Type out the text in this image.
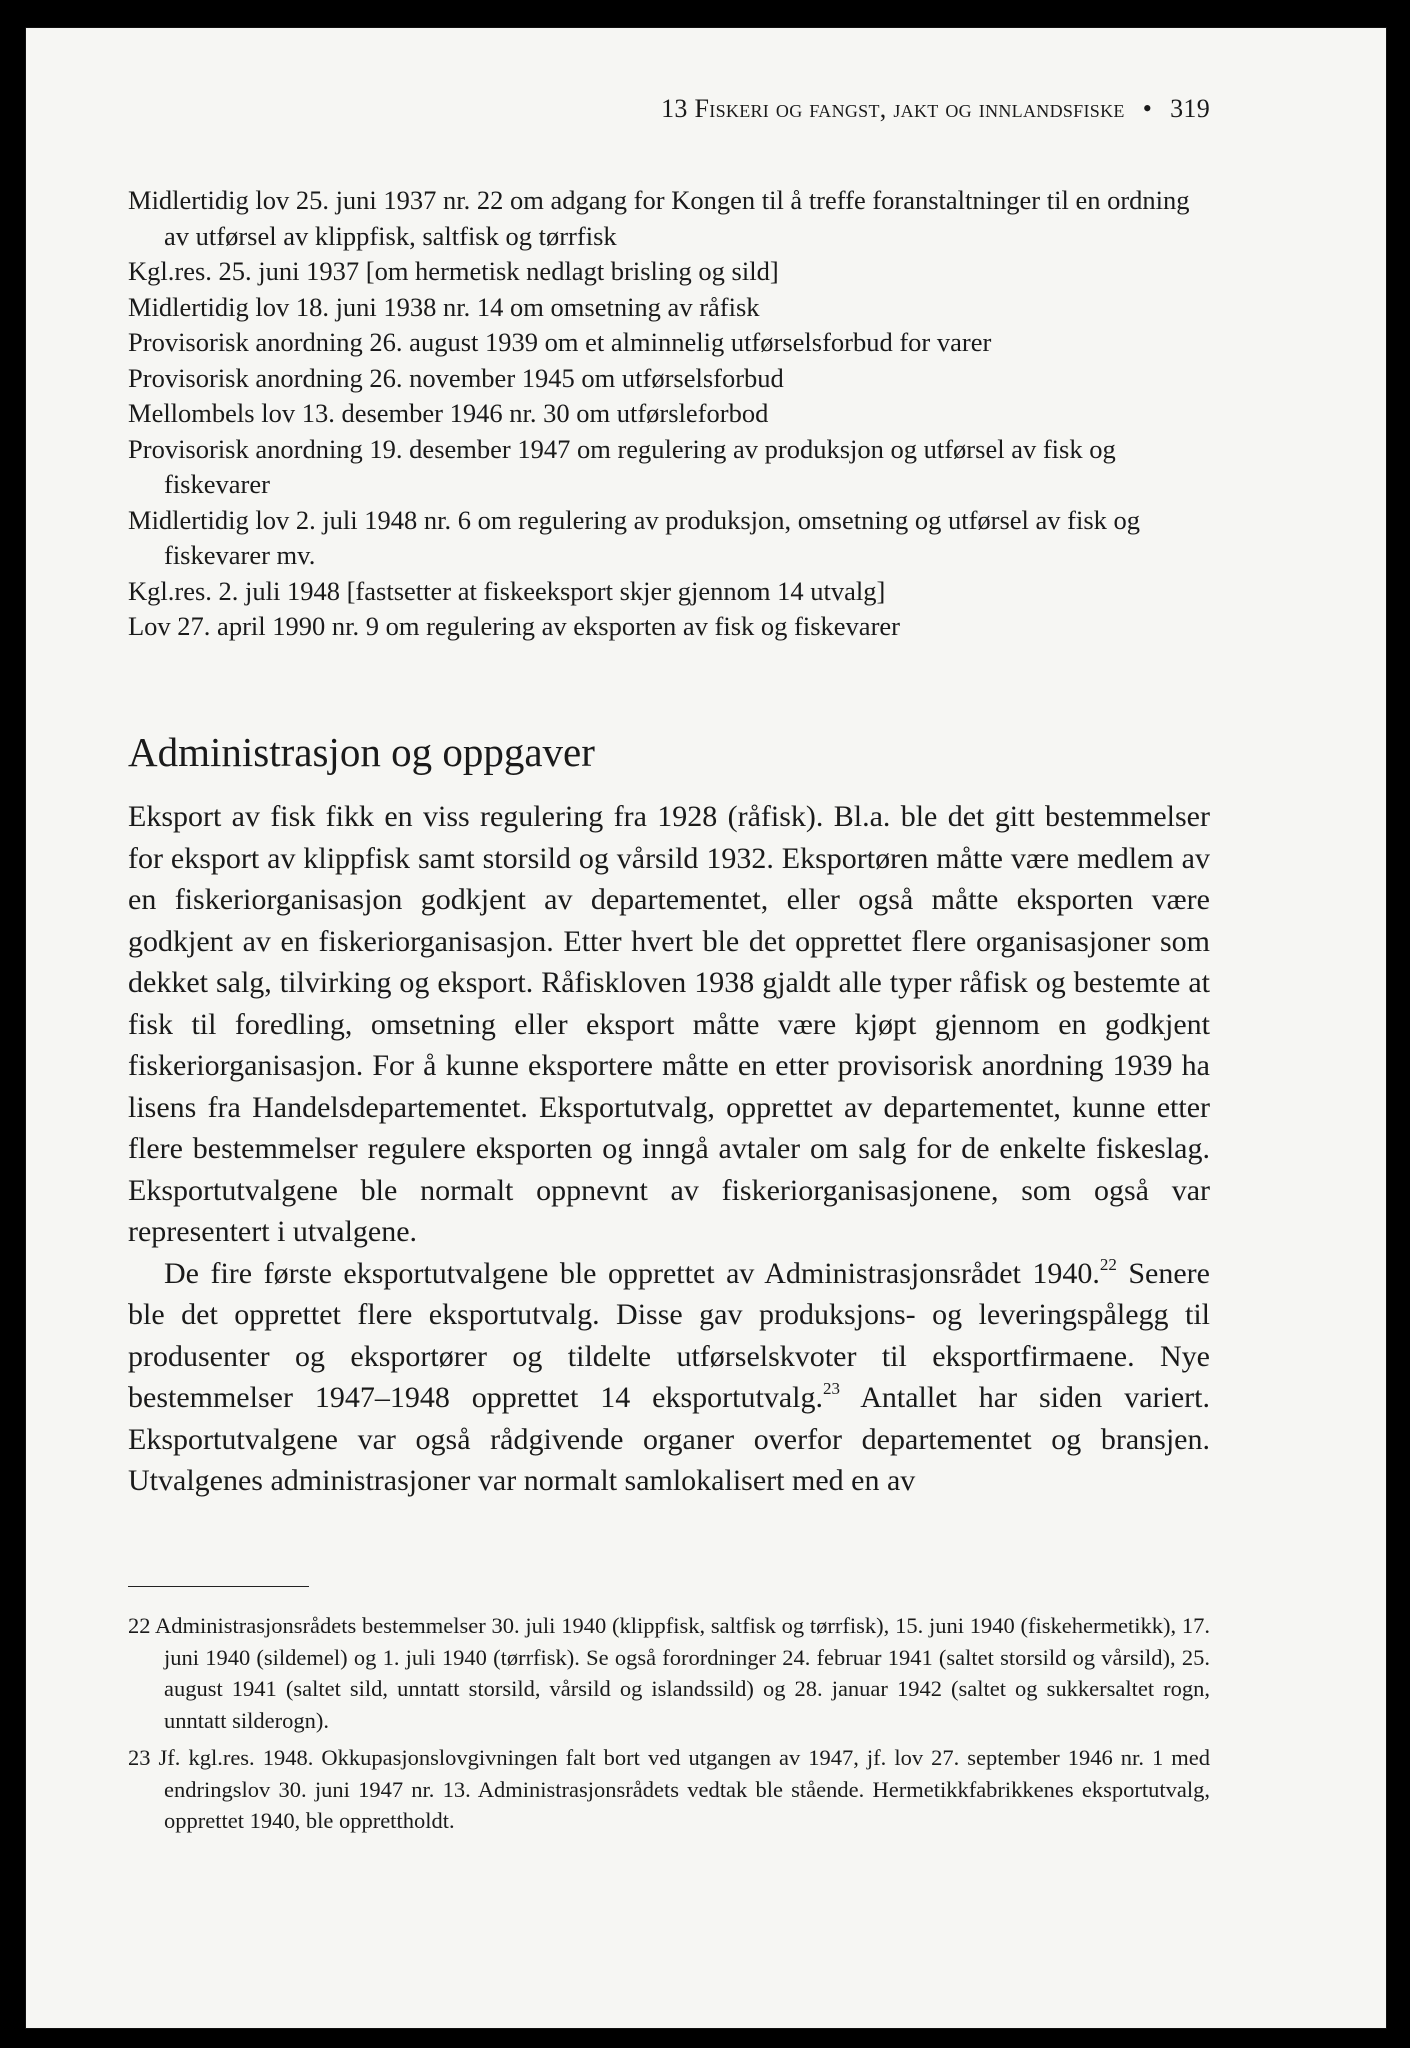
13 Fiskeri og fangst, jakt og innlandsfiske • 319
Midlertidig lov 25. juni 1937 nr. 22 om adgang for Kongen til å treffe foranstaltninger til en ordning av utførsel av klippfisk, saltfisk og tørrfisk
Kgl.res. 25. juni 1937 [om hermetisk nedlagt brisling og sild]
Midlertidig lov 18. juni 1938 nr. 14 om omsetning av råfisk
Provisorisk anordning 26. august 1939 om et alminnelig utførselsforbud for varer
Provisorisk anordning 26. november 1945 om utførselsforbud
Mellombels lov 13. desember 1946 nr. 30 om utførsleforbod
Provisorisk anordning 19. desember 1947 om regulering av produksjon og utførsel av fisk og fiskevarer
Midlertidig lov 2. juli 1948 nr. 6 om regulering av produksjon, omsetning og utførsel av fisk og fiskevarer mv.
Kgl.res. 2. juli 1948 [fastsetter at fiskeeksport skjer gjennom 14 utvalg]
Lov 27. april 1990 nr. 9 om regulering av eksporten av fisk og fiskevarer
Administrasjon og oppgaver

Eksport av fisk fikk en viss regulering fra 1928 (råfisk). Bl.a. ble det gitt bestemmelser for eksport av klippfisk samt storsild og vårsild 1932. Eksportøren måtte være medlem av en fiskeriorganisasjon godkjent av departementet, eller også måtte eksporten være godkjent av en fiskeriorganisasjon. Etter hvert ble det opprettet flere organisasjoner som dekket salg, tilvirking og eksport. Råfiskloven 1938 gjaldt alle typer råfisk og bestemte at fisk til foredling, omsetning eller eksport måtte være kjøpt gjennom en godkjent fiskeriorganisasjon. For å kunne eksportere måtte en etter provisorisk anordning 1939 ha lisens fra Handelsdepartementet. Eksportutvalg, opprettet av departementet, kunne etter flere bestemmelser regulere eksporten og inngå avtaler om salg for de enkelte fiskeslag. Eksportutvalgene ble normalt oppnevnt av fiskeriorganisasjonene, som også var representert i utvalgene.

De fire første eksportutvalgene ble opprettet av Administrasjonsrådet 1940.22 Senere ble det opprettet flere eksportutvalg. Disse gav produksjons- og leveringspålegg til produsenter og eksportører og tildelte utførselskvoter til eksportfirmaene. Nye bestemmelser 1947–1948 opprettet 14 eksportutvalg.$^{23}$ Antallet har siden variert. Eksportutvalgene var også rådgivende organer overfor departementet og bransjen. Utvalgenes administrasjoner var normalt samlokalisert med en av

22 Administrasjonsrådets bestemmelser 30. juli 1940 (klippfisk, saltfisk og tørrfisk), 15. juni 1940 (fiskehermetikk), 17. juni 1940 (sildemel) og 1. juli 1940 (tørrfisk). Se også forordninger 24. februar 1941 (saltet storsild og vårsild), 25. august 1941 (saltet sild, unntatt storsild, vårsild og islandssild) og 28. januar 1942 (saltet og sukkersaltet rogn, unntatt silderogn).
23 Jf. kgl.res. 1948. Okkupasjonslovgivningen falt bort ved utgangen av 1947, jf. lov 27. september 1946 nr. 1 med endringslov 30. juni 1947 nr. 13. Administrasjonsrådets vedtak ble stående. Hermetikkfabrikkenes eksportutvalg, opprettet 1940, ble opprettholdt.
